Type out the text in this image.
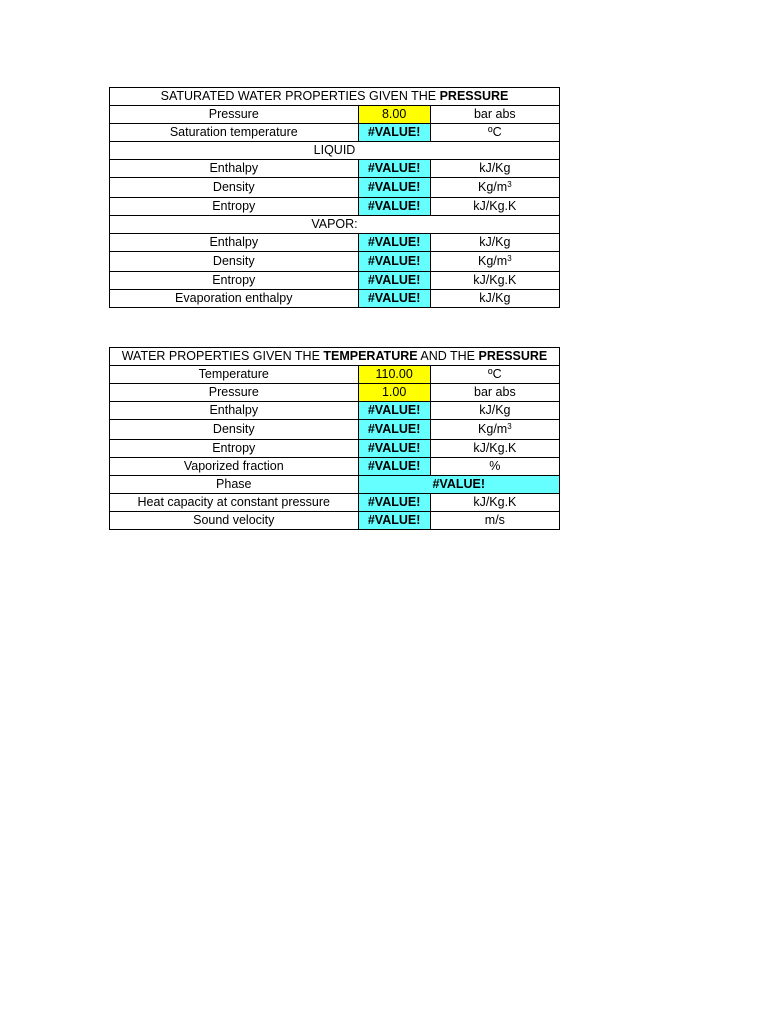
SATURATED WATER PROPERTIES GIVEN THE PRESSURE		
Pressure	8.00	bar abs
Saturation temperature	#VALUE!	ºC
LIQUID		
Enthalpy	#VALUE!	kJ/Kg
Density	#VALUE!	$Kg/m^3$
Entropy	#VALUE!	kJ/Kg.K
VAPOR:		
Enthalpy	#VALUE!	kJ/Kg
Density	#VALUE!	$Kg/m^3$
Entropy	#VALUE!	kJ/Kg.K
Evaporation enthalpy	#VALUE!	kJ/Kg
WATER PROPERTIES GIVEN THE TEMPERATURE AND THE PRESSURE		
Temperature	110.00	ºC
Pressure	1.00	bar abs
Enthalpy	#VALUE!	kJ/Kg
Density	#VALUE!	$Kg/m^3$
Entropy	#VALUE!	kJ/Kg.K
Vaporized fraction	#VALUE!	%
Phase	#VALUE!	
Heat capacity at constant pressure	#VALUE!	kJ/Kg.K
Sound velocity	#VALUE!	m/s
